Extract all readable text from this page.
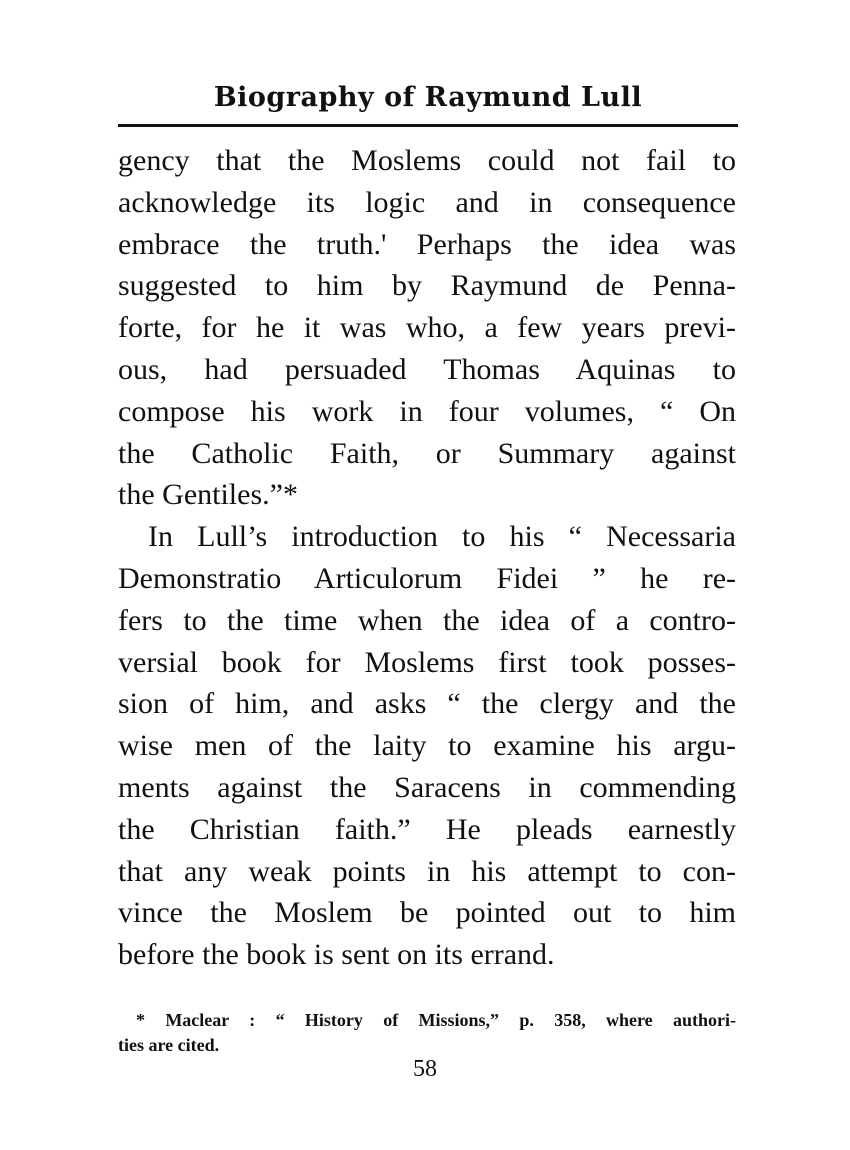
Biography of Raymund Lull
gency that the Moslems could not fail to
acknowledge its logic and in consequence
embrace the truth.' Perhaps the idea was
suggested to him by Raymund de Penna-
forte, for he it was who, a few years previ-
ous, had persuaded Thomas Aquinas to
compose his work in four volumes, “ On
the Catholic Faith, or Summary against
the Gentiles.”*
In Lull’s introduction to his “ Necessaria
Demonstratio Articulorum Fidei ” he re-
fers to the time when the idea of a contro-
versial book for Moslems first took posses-
sion of him, and asks “ the clergy and the
wise men of the laity to examine his argu-
ments against the Saracens in commending
the Christian faith.” He pleads earnestly
that any weak points in his attempt to con-
vince the Moslem be pointed out to him
before the book is sent on its errand.
* Maclear : “ History of Missions,” p. 358, where authori-
ties are cited.
58
